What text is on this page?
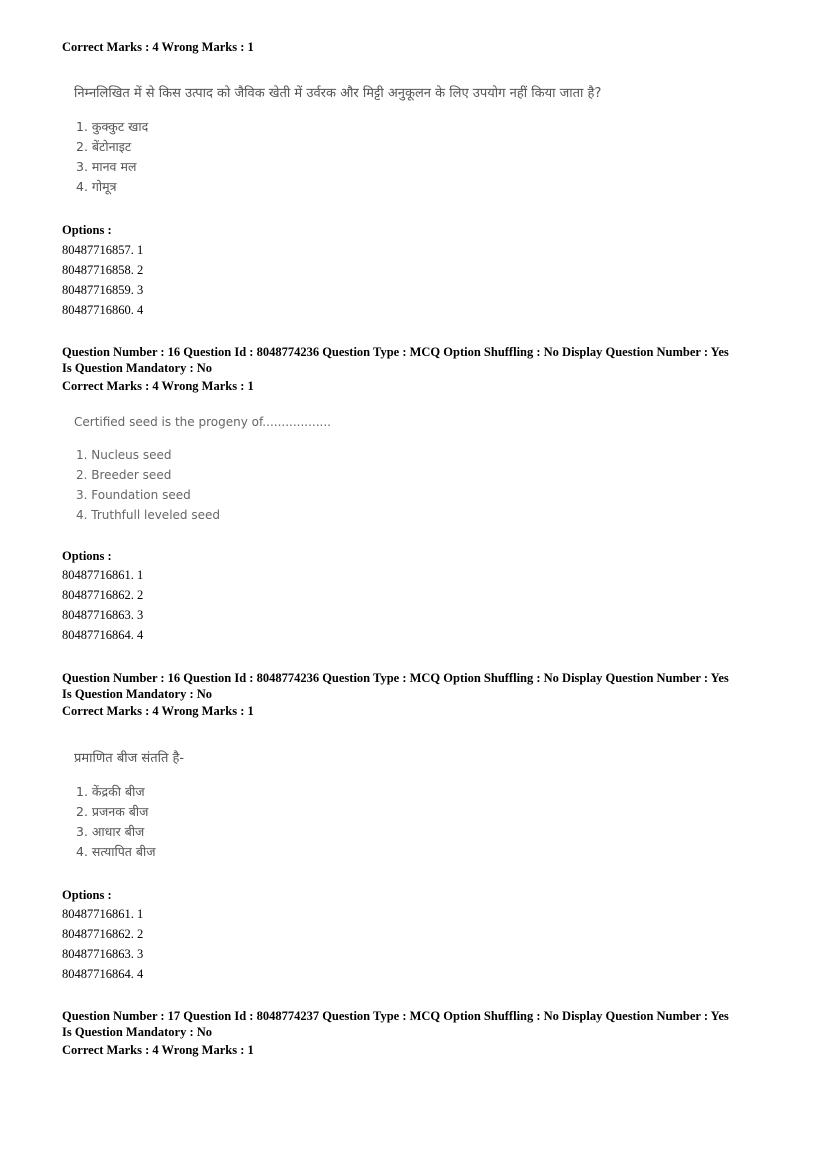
Correct Marks : 4 Wrong Marks : 1
निम्नलिखित में से किस उत्पाद को जैविक खेती में उर्वरक और मिट्टी अनुकूलन के लिए उपयोग नहीं किया जाता है?
1. कुक्कुट खाद
2. बेंटोनाइट
3. मानव मल
4. गोमूत्र
Options :
80487716857. 1
80487716858. 2
80487716859. 3
80487716860. 4
Question Number : 16 Question Id : 8048774236 Question Type : MCQ Option Shuffling : No Display Question Number : Yes
Is Question Mandatory : No
Correct Marks : 4 Wrong Marks : 1
Certified seed is the progeny of..................
1. Nucleus seed
2. Breeder seed
3. Foundation seed
4. Truthfull leveled seed
Options :
80487716861. 1
80487716862. 2
80487716863. 3
80487716864. 4
Question Number : 16 Question Id : 8048774236 Question Type : MCQ Option Shuffling : No Display Question Number : Yes
Is Question Mandatory : No
Correct Marks : 4 Wrong Marks : 1
प्रमाणित बीज संतति है-
1. केंद्रकी बीज
2. प्रजनक बीज
3. आधार बीज
4. सत्यापित बीज
Options :
80487716861. 1
80487716862. 2
80487716863. 3
80487716864. 4
Question Number : 17 Question Id : 8048774237 Question Type : MCQ Option Shuffling : No Display Question Number : Yes
Is Question Mandatory : No
Correct Marks : 4 Wrong Marks : 1
